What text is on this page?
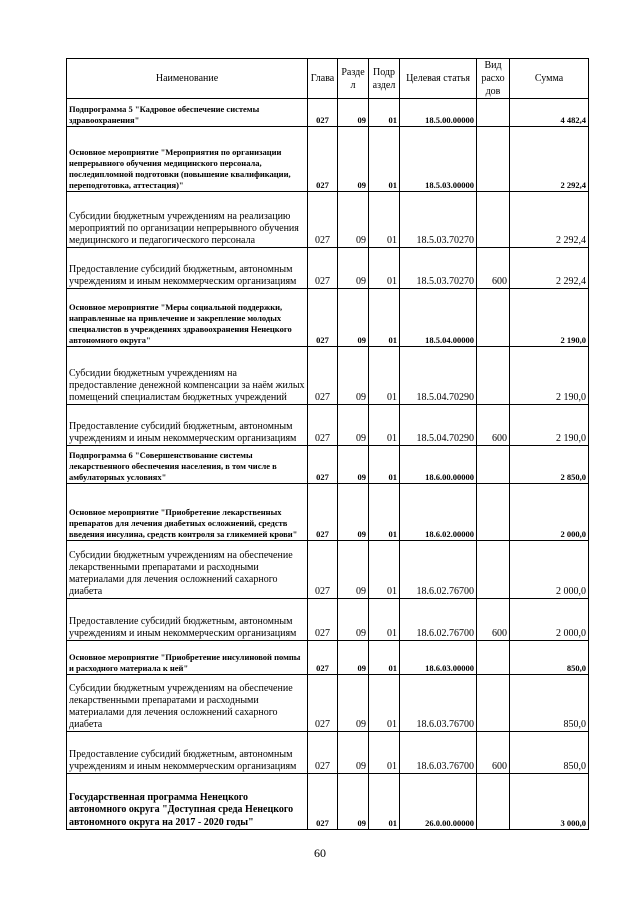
Наименование	Глава	Разде л	Подр аздел	Целевая статья	Вид расхо дов	Сумма
Подпрограмма 5 "Кадровое обеспечение системы здравоохранения"	027	09	01	18.5.00.00000		4 482,4
Основное мероприятие "Мероприятия по организации непрерывного обучения медицинского персонала, последипломной подготовки (повышение квалификации, переподготовка, аттестация)"	027	09	01	18.5.03.00000		2 292,4
Субсидии бюджетным учреждениям на реализацию мероприятий по организации непрерывного обучения медицинского и педагогического персонала	027	09	01	18.5.03.70270		2 292,4
Предоставление субсидий бюджетным, автономным учреждениям и иным некоммерческим организациям	027	09	01	18.5.03.70270	600	2 292,4
Основное мероприятие "Меры социальной поддержки, направленные на привлечение и закрепление молодых специалистов в учреждениях здравоохранения Ненецкого автономного округа"	027	09	01	18.5.04.00000		2 190,0
Субсидии бюджетным учреждениям на предоставление денежной компенсации за наём жилых помещений специалистам бюджетных учреждений	027	09	01	18.5.04.70290		2 190,0
Предоставление субсидий бюджетным, автономным учреждениям и иным некоммерческим организациям	027	09	01	18.5.04.70290	600	2 190,0
Подпрограмма 6 "Совершенствование системы лекарственного обеспечения населения, в том числе в амбулаторных условиях"	027	09	01	18.6.00.00000		2 850,0
Основное мероприятие "Приобретение лекарственных препаратов для лечения диабетных осложнений, средств введения инсулина, средств контроля за гликемией крови"	027	09	01	18.6.02.00000		2 000,0
Субсидии бюджетным учреждениям на обеспечение лекарственными препаратами и расходными материалами для лечения осложнений сахарного диабета	027	09	01	18.6.02.76700		2 000,0
Предоставление субсидий бюджетным, автономным учреждениям и иным некоммерческим организациям	027	09	01	18.6.02.76700	600	2 000,0
Основное мероприятие "Приобретение инсулиновой помпы и расходного материала к ней"	027	09	01	18.6.03.00000		850,0
Субсидии бюджетным учреждениям на обеспечение лекарственными препаратами и расходными материалами для лечения осложнений сахарного диабета	027	09	01	18.6.03.76700		850,0
Предоставление субсидий бюджетным, автономным учреждениям и иным некоммерческим организациям	027	09	01	18.6.03.76700	600	850,0
Государственная программа Ненецкого автономного округа "Доступная среда Ненецкого автономного округа на 2017 - 2020 годы"	027	09	01	26.0.00.00000		3 000,0
60
